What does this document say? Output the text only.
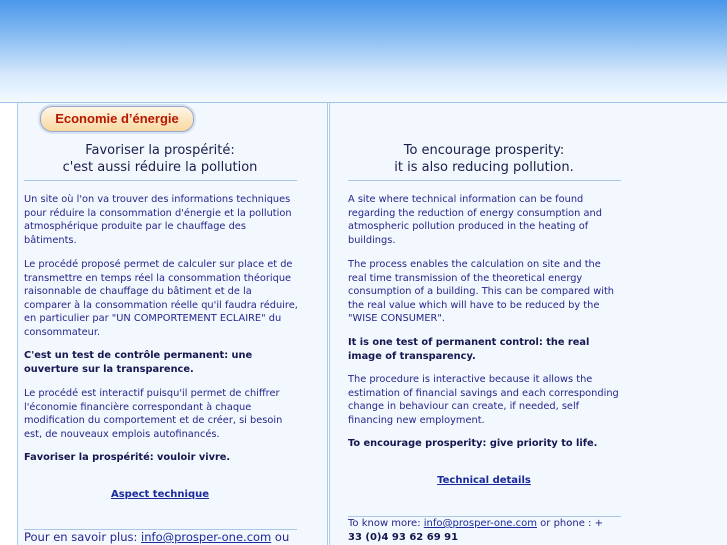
Economie d’énergie
Favoriser la prospérité:
c'est aussi réduire la pollution

Un site où l'on va trouver des informations techniques pour réduire la consommation d'énergie et la pollution atmosphérique produite par le chauffage des bâtiments.

Le procédé proposé permet de calculer sur place et de transmettre en temps réel la consommation théorique raisonnable de chauffage du bâtiment et de la comparer à la consommation réelle qu'il faudra réduire, en particulier par "UN COMPORTEMENT ECLAIRE" du consommateur.

C'est un test de contrôle permanent: une ouverture sur la transparence.

Le procédé est interactif puisqu'il permet de chiffrer l'économie financière correspondant à chaque modification du comportement et de créer, si besoin est, de nouveaux emplois autofinancés.

Favoriser la prospérité: vouloir vivre.

Aspect technique
Pour en savoir plus: info@prosper-one.com ou
To encourage prosperity:
it is also reducing pollution.

A site where technical information can be found regarding the reduction of energy consumption and atmospheric pollution produced in the heating of buildings.

The process enables the calculation on site and the real time transmission of the theoretical energy consumption of a building. This can be compared with the real value which will have to be reduced by the "WISE CONSUMER".

It is one test of permanent control: the real image of transparency.

The procedure is interactive because it allows the estimation of financial savings and each corresponding change in behaviour can create, if needed, self financing new employment.

To encourage prosperity: give priority to life.

Technical details
To know more: info@prosper-one.com or phone : +
33 (0)4 93 62 69 91
